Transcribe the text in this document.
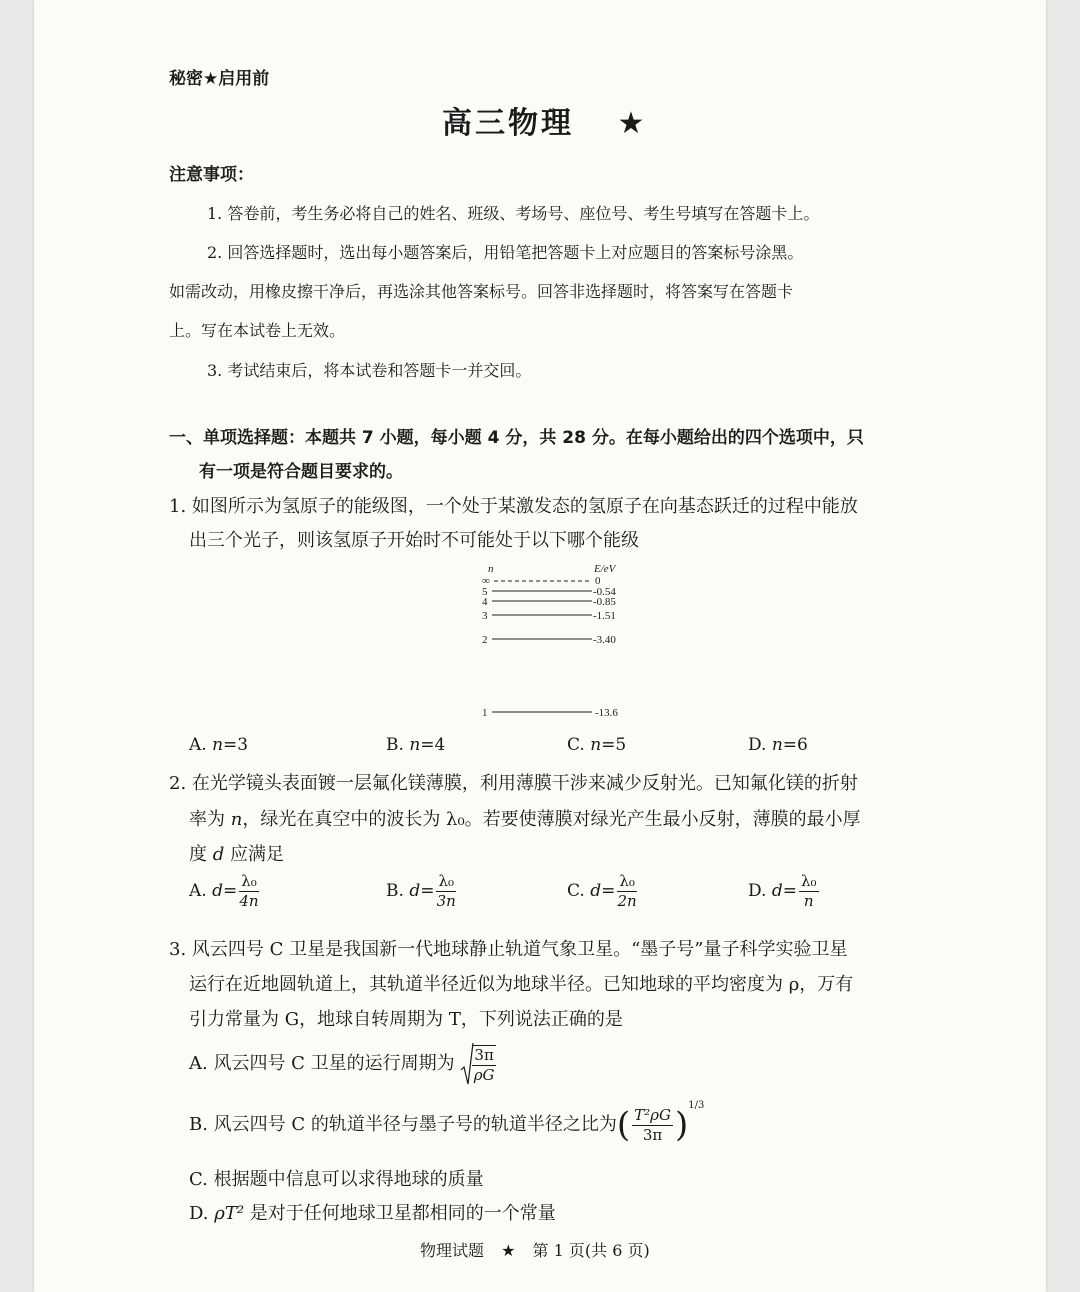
秘密★启用前
高三物理 ★
注意事项：
1. 答卷前，考生务必将自己的姓名、班级、考场号、座位号、考生号填写在答题卡上。
2. 回答选择题时，选出每小题答案后，用铅笔把答题卡上对应题目的答案标号涂黑。
如需改动，用橡皮擦干净后，再选涂其他答案标号。回答非选择题时，将答案写在答题卡
上。写在本试卷上无效。
3. 考试结束后，将本试卷和答题卡一并交回。
一、单项选择题：本题共 7 小题，每小题 4 分，共 28 分。在每小题给出的四个选项中，只
有一项是符合题目要求的。
1. 如图所示为氢原子的能级图，一个处于某激发态的氢原子在向基态跃迁的过程中能放
出三个光子，则该氢原子开始时不可能处于以下哪个能级
n	E/eV
∞	0
5	-0.54
4	-0.85
3	-1.51
2	-3.40
1	-13.6
A. n=3	B. n=4	C. n=5	D. n=6
2. 在光学镜头表面镀一层氟化镁薄膜，利用薄膜干涉来减少反射光。已知氟化镁的折射
率为 n，绿光在真空中的波长为 λ₀。若要使薄膜对绿光产生最小反射，薄膜的最小厚
度 d 应满足
A. $d= \frac{\text{λ₀}}{4n}$	B. $d= \frac{\text{λ₀}}{3n}$	C. $d= \frac{\text{λ₀}}{2n}$	D. $d= \frac{\text{λ₀}}{n}$
3. 风云四号 C 卫星是我国新一代地球静止轨道气象卫星。“墨子号”量子科学实验卫星
运行在近地圆轨道上，其轨道半径近似为地球半径。已知地球的平均密度为 ρ，万有
引力常量为 G，地球自转周期为 T，下列说法正确的是
A. 风云四号 C 卫星的运行周期为 $\frac{3\pi}{\rho G}$
B. 风云四号 C 的轨道半径与墨子号的轨道半径之比为( $\frac{\text{T²ρG}}{3\pi} )^{1/3}$
C. 根据题中信息可以求得地球的质量
D. ρT² 是对于任何地球卫星都相同的一个常量
物理试题 ★ 第 1 页(共 6 页)
